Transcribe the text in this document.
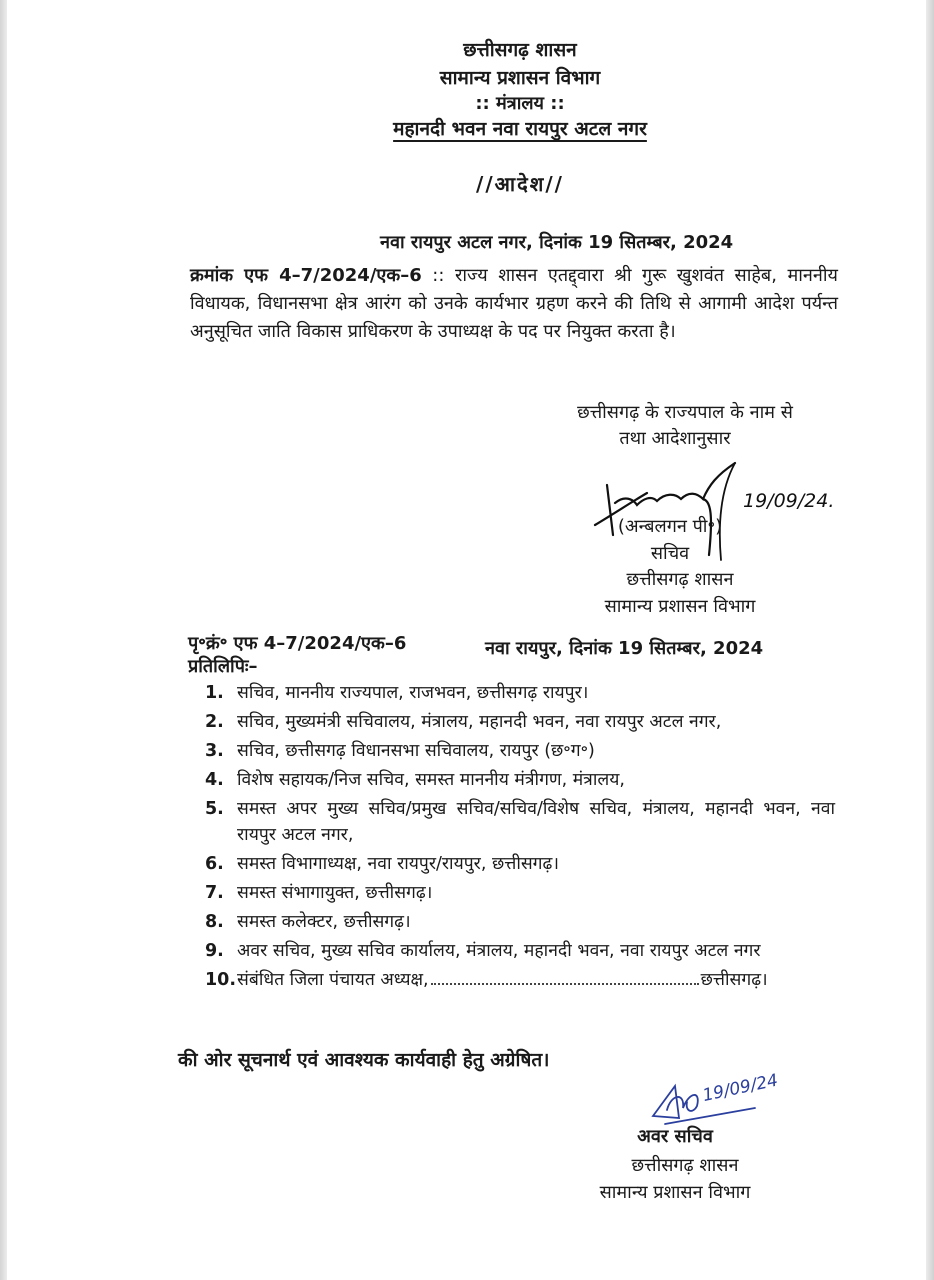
छत्तीसगढ़ शासन
सामान्य प्रशासन विभाग
:: मंत्रालय ::
महानदी भवन नवा रायपुर अटल नगर
//आदेश//
नवा रायपुर अटल नगर, दिनांक 19 सितम्बर, 2024
क्रमांक एफ 4–7/2024/एक–6 :: राज्य शासन एतद्द्वारा श्री गुरू खुशवंत साहेब, माननीय विधायक, विधानसभा क्षेत्र आरंग को उनके कार्यभार ग्रहण करने की तिथि से आगामी आदेश पर्यन्त अनुसूचित जाति विकास प्राधिकरण के उपाध्यक्ष के पद पर नियुक्त करता है।
छत्तीसगढ़ के राज्यपाल के नाम से
तथा आदेशानुसार
19/09/24.
(अन्बलगन पी॰)
सचिव
छत्तीसगढ़ शासन
सामान्य प्रशासन विभाग
पृ॰क्रं॰ एफ 4–7/2024/एक–6	नवा रायपुर, दिनांक 19 सितम्बर, 2024
प्रतिलिपिः–
1. सचिव, माननीय राज्यपाल, राजभवन, छत्तीसगढ़ रायपुर।
2. सचिव, मुख्यमंत्री सचिवालय, मंत्रालय, महानदी भवन, नवा रायपुर अटल नगर,
3. सचिव, छत्तीसगढ़ विधानसभा सचिवालय, रायपुर (छ॰ग॰)
4. विशेष सहायक/निज सचिव, समस्त माननीय मंत्रीगण, मंत्रालय,
5. समस्त अपर मुख्य सचिव/प्रमुख सचिव/सचिव/विशेष सचिव, मंत्रालय, महानदी भवन, नवा रायपुर अटल नगर,
6. समस्त विभागाध्यक्ष, नवा रायपुर/रायपुर, छत्तीसगढ़।
7. समस्त संभागायुक्त, छत्तीसगढ़।
8. समस्त कलेक्टर, छत्तीसगढ़।
9. अवर सचिव, मुख्य सचिव कार्यालय, मंत्रालय, महानदी भवन, नवा रायपुर अटल नगर
10. संबंधित जिला पंचायत अध्यक्ष,	छत्तीसगढ़।
की ओर सूचनार्थ एवं आवश्यक कार्यवाही हेतु अग्रेषित।
19/09/24
अवर सचिव
छत्तीसगढ़ शासन
सामान्य प्रशासन विभाग
